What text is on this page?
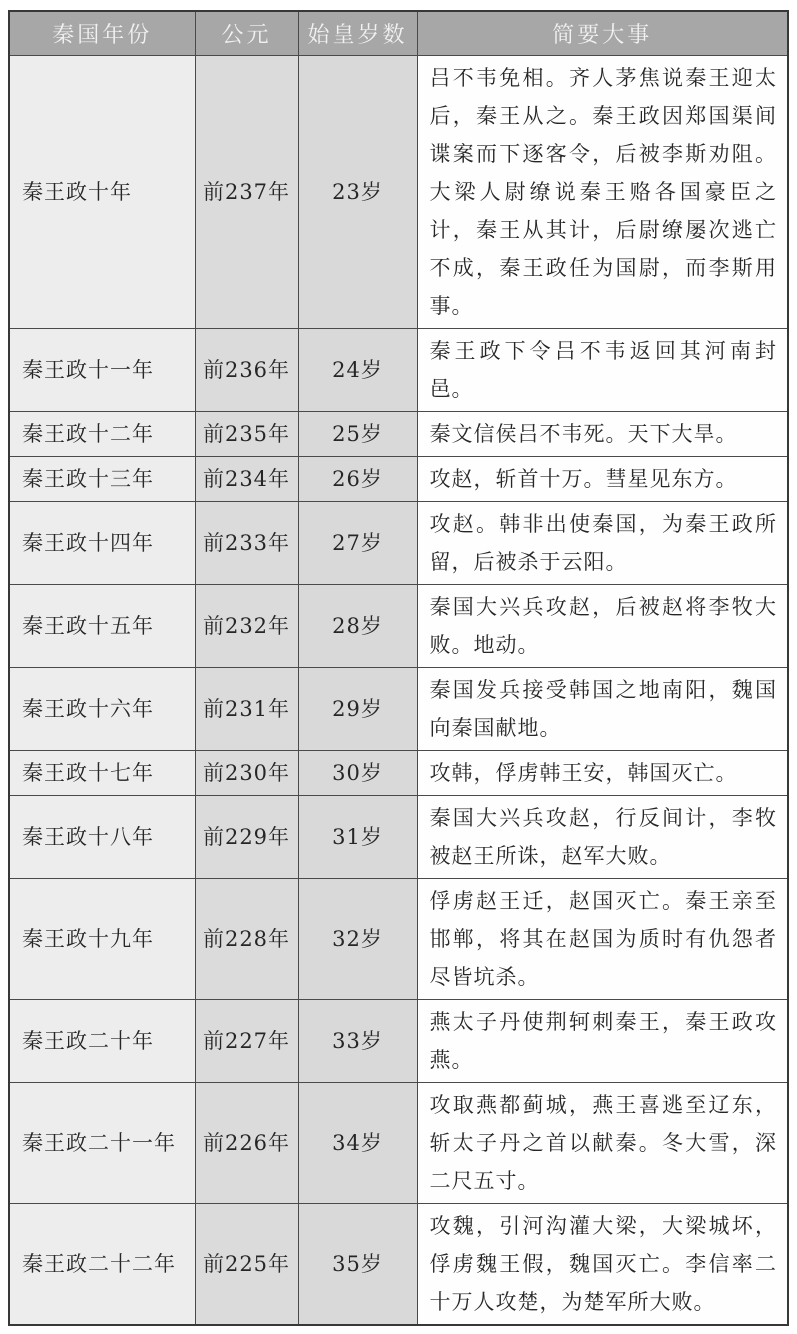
秦国年份	公元	始皇岁数	简要大事
秦王政十年	前237年	23岁	吕不韦免相。齐人茅焦说秦王迎太后，秦王从之。秦王政因郑国渠间谍案而下逐客令，后被李斯劝阻。大梁人尉缭说秦王赂各国豪臣之计，秦王从其计，后尉缭屡次逃亡不成，秦王政任为国尉，而李斯用事。
秦王政十一年	前236年	24岁	秦王政下令吕不韦返回其河南封邑。
秦王政十二年	前235年	25岁	秦文信侯吕不韦死。天下大旱。
秦王政十三年	前234年	26岁	攻赵，斩首十万。彗星见东方。
秦王政十四年	前233年	27岁	攻赵。韩非出使秦国，为秦王政所留，后被杀于云阳。
秦王政十五年	前232年	28岁	秦国大兴兵攻赵，后被赵将李牧大败。地动。
秦王政十六年	前231年	29岁	秦国发兵接受韩国之地南阳，魏国向秦国献地。
秦王政十七年	前230年	30岁	攻韩，俘虏韩王安，韩国灭亡。
秦王政十八年	前229年	31岁	秦国大兴兵攻赵，行反间计，李牧被赵王所诛，赵军大败。
秦王政十九年	前228年	32岁	俘虏赵王迁，赵国灭亡。秦王亲至邯郸，将其在赵国为质时有仇怨者尽皆坑杀。
秦王政二十年	前227年	33岁	燕太子丹使荆轲刺秦王，秦王政攻燕。
秦王政二十一年	前226年	34岁	攻取燕都蓟城，燕王喜逃至辽东，斩太子丹之首以献秦。冬大雪，深二尺五寸。
秦王政二十二年	前225年	35岁	攻魏，引河沟灌大梁，大梁城坏，俘虏魏王假，魏国灭亡。李信率二十万人攻楚，为楚军所大败。
